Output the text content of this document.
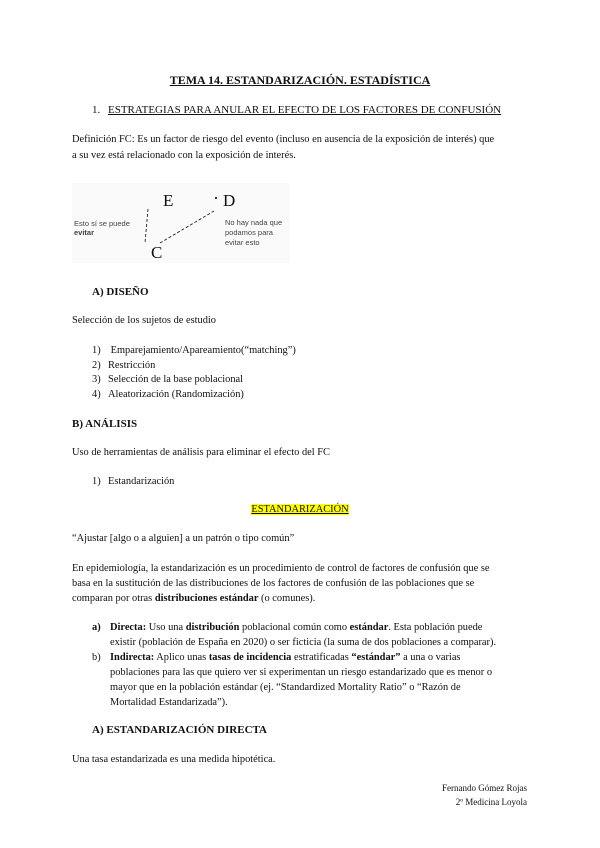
TEMA 14. ESTANDARIZACIÓN. ESTADÍSTICA
1. ESTRATEGIAS PARA ANULAR EL EFECTO DE LOS FACTORES DE CONFUSIÓN
Definición FC: Es un factor de riesgo del evento (incluso en ausencia de la exposición de interés) que
a su vez está relacionado con la exposición de interés.
E	D
C
Esto sí se puede
evitar
No hay nada que
podamos para
evitar esto
A) DISEÑO
Selección de los sujetos de estudio
1) Emparejamiento/Apareamiento(“matching”)
2) Restricción
3) Selección de la base poblacional
4) Aleatorización (Randomización)
B) ANÁLISIS
Uso de herramientas de análisis para eliminar el efecto del FC
1) Estandarización
ESTANDARIZACIÓN
“Ajustar [algo o a alguien] a un patrón o tipo común”
En epidemiología, la estandarización es un procedimiento de control de factores de confusión que se
basa en la sustitución de las distribuciones de los factores de confusión de las poblaciones que se
comparan por otras distribuciones estándar (o comunes).
a) Directa: Uso una distribución poblacional común como estándar. Esta población puede
existir (población de España en 2020) o ser ficticia (la suma de dos poblaciones a comparar).
b) Indirecta: Aplico unas tasas de incidencia estratificadas “estándar” a una o varias
poblaciones para las que quiero ver si experimentan un riesgo estandarizado que es menor o
mayor que en la población estándar (ej. “Standardized Mortality Ratio” o “Razón de
Mortalidad Estandarizada”).
A) ESTANDARIZACIÓN DIRECTA
Una tasa estandarizada es una medida hipotética.
Fernando Gómez Rojas
2º Medicina Loyola
